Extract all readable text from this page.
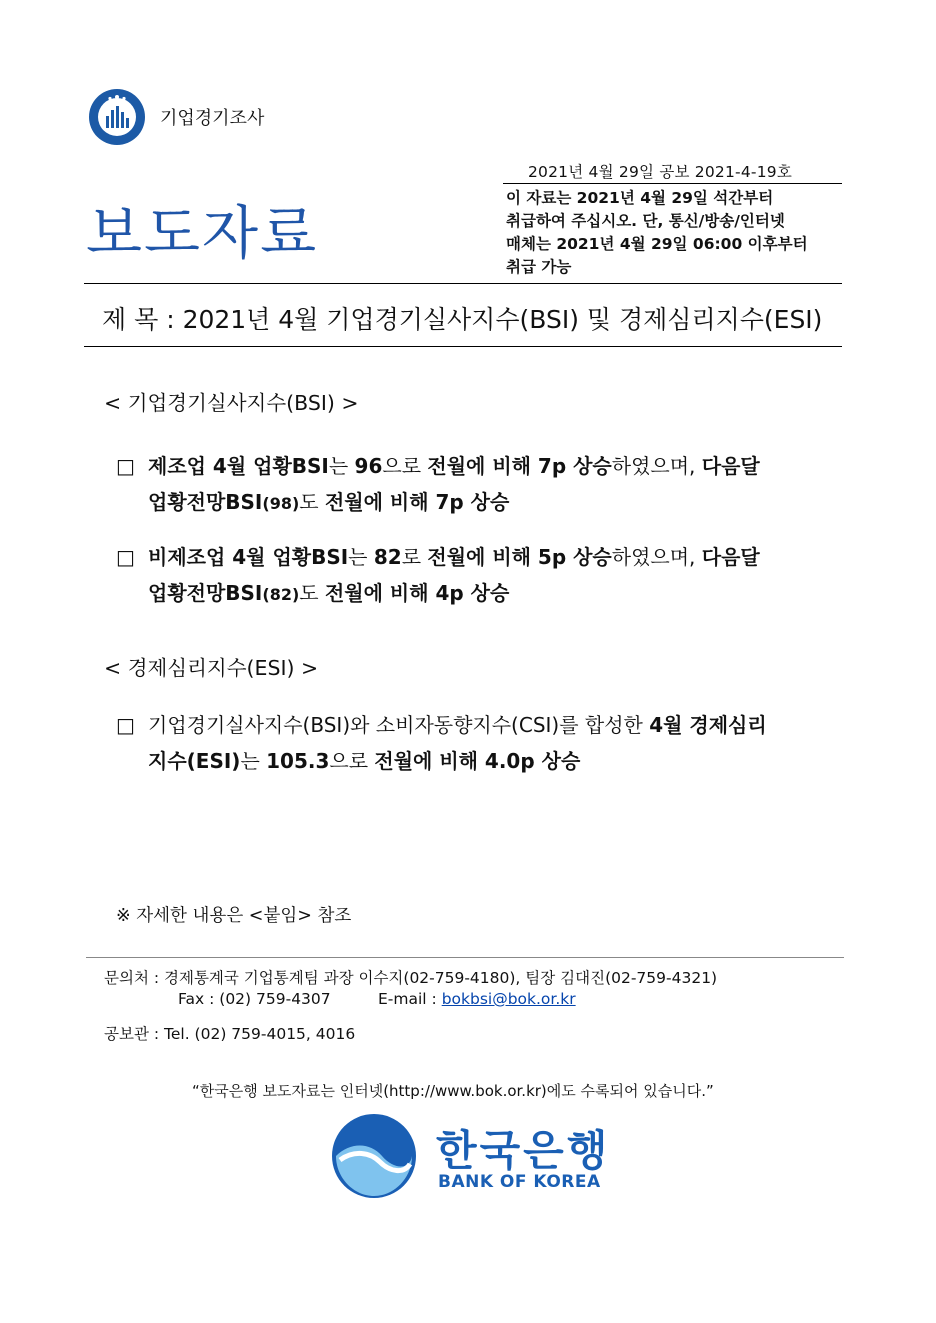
기업경기조사
2021년 4월 29일 공보 2021-4-19호
보도자료
이 자료는 2021년 4월 29일 석간부터
취급하여 주십시오. 단, 통신/방송/인터넷
매체는 2021년 4월 29일 06:00 이후부터
취급 가능
제 목 : 2021년 4월 기업경기실사지수(BSI) 및 경제심리지수(ESI)
< 기업경기실사지수(BSI) >
□ 제조업 4월 업황BSI는 96으로 전월에 비해 7p 상승하였으며, 다음달
업황전망BSI(98)도 전월에 비해 7p 상승
□ 비제조업 4월 업황BSI는 82로 전월에 비해 5p 상승하였으며, 다음달
업황전망BSI(82)도 전월에 비해 4p 상승
< 경제심리지수(ESI) >
□ 기업경기실사지수(BSI)와 소비자동향지수(CSI)를 합성한 4월 경제심리
지수(ESI)는 105.3으로 전월에 비해 4.0p 상승
※ 자세한 내용은 <붙임> 참조
문의처 : 경제통계국 기업통계팀 과장 이수지(02-759-4180), 팀장 김대진(02-759-4321)
Fax : (02) 759-4307	E-mail : bokbsi@bok.or.kr
공보관 : Tel. (02) 759-4015, 4016
“한국은행 보도자료는 인터넷(http://www.bok.or.kr)에도 수록되어 있습니다.”
한국은행
BANK OF KOREA
